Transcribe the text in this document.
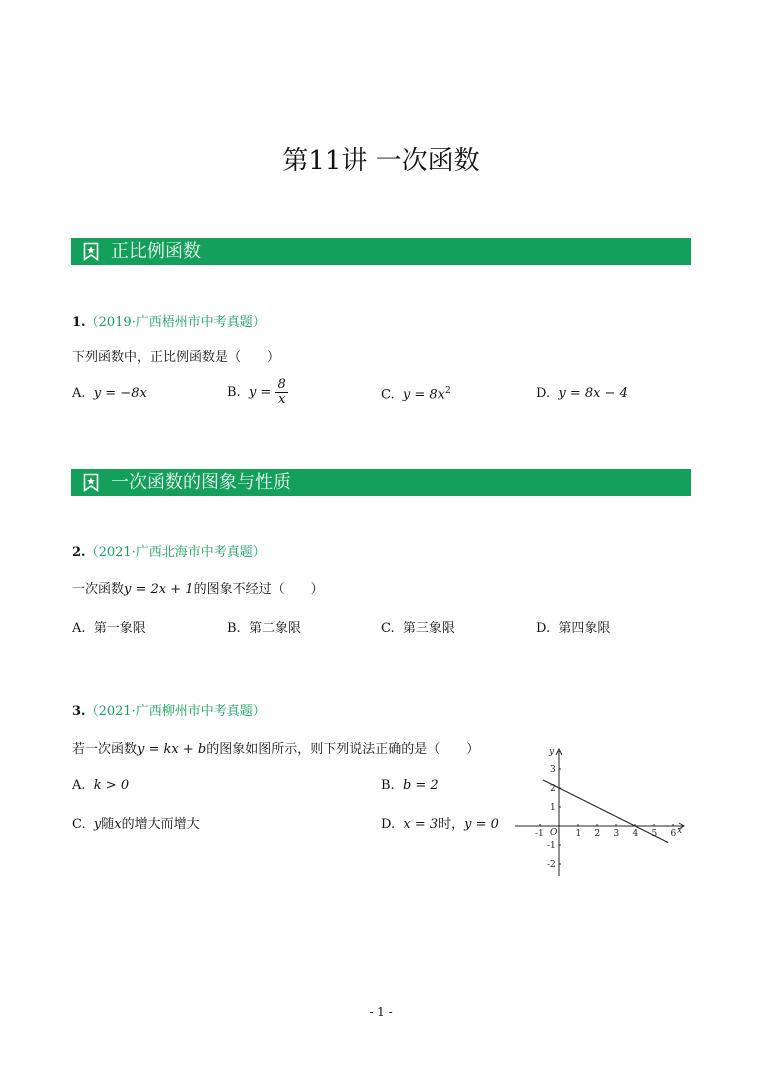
第11讲 一次函数
正比例函数
1.（2019·广西梧州市中考真题）
下列函数中，正比例函数是（　　）
A. y = −8x	B. $y = \frac{8}{x}$	C. $y = 8x^2$	D. y = 8x − 4
一次函数的图象与性质
2.（2021·广西北海市中考真题）
一次函数y = 2x + 1的图象不经过（　　）
A. 第一象限	B. 第二象限	C. 第三象限	D. 第四象限
3.（2021·广西柳州市中考真题）
若一次函数y = kx + b的图象如图所示，则下列说法正确的是（　　）
A. k > 0	B. b = 2
C. y随x的增大而增大	D. x = 3时，y = 0
-1	1 2 3 4 5 6
3
2
1
-1
-2
O	x
y
- 1 -
